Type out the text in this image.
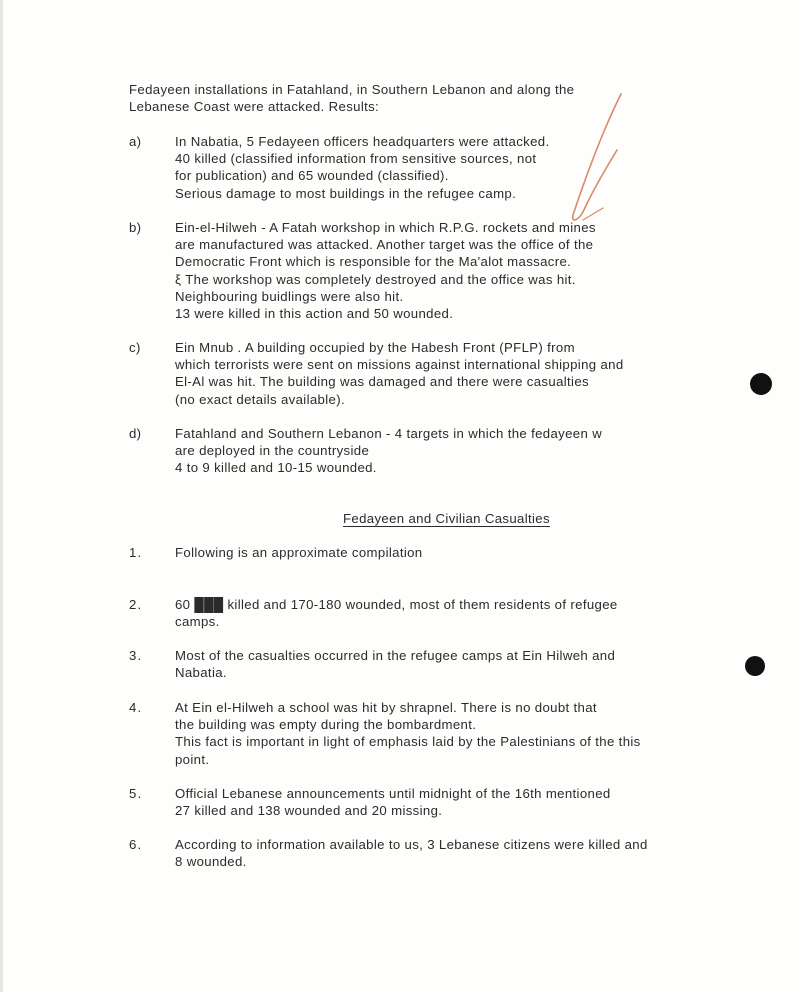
Fedayeen installations in Fatahland, in Southern Lebanon and along the
Lebanese Coast were attacked. Results:
a)	In Nabatia, 5 Fedayeen officers headquarters were attacked.
40 killed (classified information from sensitive sources, not
for publication) and 65 wounded (classified).
Serious damage to most buildings in the refugee camp.
b)	Ein-el-Hilweh - A Fatah workshop in which R.P.G. rockets and mines
are manufactured was attacked. Another target was the office of the
Democratic Front which is responsible for the Ma'alot massacre.
ξ The workshop was completely destroyed and the office was hit.
Neighbouring buidlings were also hit.
13 were killed in this action and 50 wounded.
c)	Ein Mnub . A building occupied by the Habesh Front (PFLP) from
which terrorists were sent on missions against international shipping and
El-Al was hit. The building was damaged and there were casualties
(no exact details available).
d)	Fatahland and Southern Lebanon - 4 targets in which the fedayeen w
are deployed in the countryside
4 to 9 killed and 10-15 wounded.
Fedayeen and Civilian Casualties
1. Following is an approximate compilation
2. 60 ███ killed and 170-180 wounded, most of them residents of refugee
camps.
3. Most of the casualties occurred in the refugee camps at Ein Hilweh and
Nabatia.
4. At Ein el-Hilweh a school was hit by shrapnel. There is no doubt that
the building was empty during the bombardment.
This fact is important in light of emphasis laid by the Palestinians of the this
point.
5. Official Lebanese announcements until midnight of the 16th mentioned
27 killed and 138 wounded and 20 missing.
6. According to information available to us, 3 Lebanese citizens were killed and
8 wounded.
